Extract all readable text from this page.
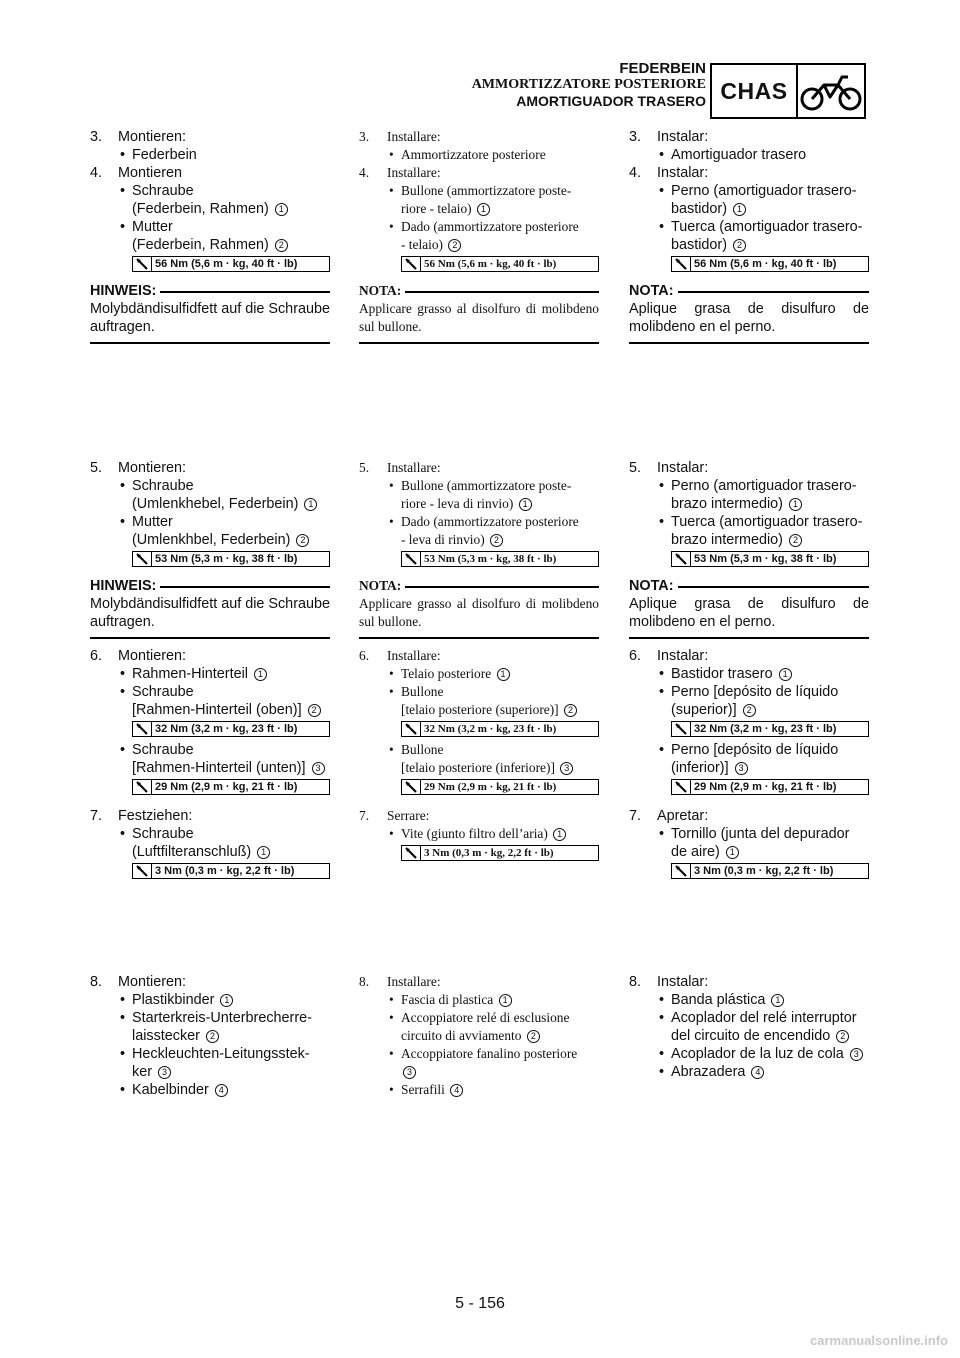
FEDERBEIN
AMMORTIZZATORE POSTERIORE
AMORTIGUADOR TRASERO CHAS
3.	Montieren:
• Federbein
4.	Montieren
• Schraube
(Federbein, Rahmen) 1
• Mutter
(Federbein, Rahmen) 2
56 Nm (5,6 m · kg, 40 ft · lb)
HINWEIS:
Molybdändisulfidfett auf die Schraube auftragen.
5.	Montieren:
• Schraube
(Umlenkhebel, Federbein) 1
• Mutter
(Umlenkhbel, Federbein) 2
53 Nm (5,3 m · kg, 38 ft · lb)
HINWEIS:
Molybdändisulfidfett auf die Schraube auftragen.
6.	Montieren:
• Rahmen-Hinterteil 1
• Schraube
[Rahmen-Hinterteil (oben)] 2
32 Nm (3,2 m · kg, 23 ft · lb)
• Schraube
[Rahmen-Hinterteil (unten)] 3
29 Nm (2,9 m · kg, 21 ft · lb)
7.	Festziehen:
• Schraube
(Luftfilteranschluß) 1
3 Nm (0,3 m · kg, 2,2 ft · lb)
8.	Montieren:
• Plastikbinder 1
• Starterkreis-Unterbrecherre-
laisstecker 2
• Heckleuchten-Leitungsstek-
ker 3
• Kabelbinder 4
3.	Installare:
• Ammortizzatore posteriore
4.	Installare:
• Bullone (ammortizzatore poste-
riore - telaio) 1
• Dado (ammortizzatore posteriore
- telaio) 2
56 Nm (5,6 m · kg, 40 ft · lb)
NOTA:
Applicare grasso al disolfuro di molibdeno sul bullone.
5.	Installare:
• Bullone (ammortizzatore poste-
riore - leva di rinvio) 1
• Dado (ammortizzatore posteriore
- leva di rinvio) 2
53 Nm (5,3 m · kg, 38 ft · lb)
NOTA:
Applicare grasso al disolfuro di molibdeno sul bullone.
6.	Installare:
• Telaio posteriore 1
• Bullone
[telaio posteriore (superiore)] 2
32 Nm (3,2 m · kg, 23 ft · lb)
• Bullone
[telaio posteriore (inferiore)] 3
29 Nm (2,9 m · kg, 21 ft · lb)
7.	Serrare:
• Vite (giunto filtro dell’aria) 1
3 Nm (0,3 m · kg, 2,2 ft · lb)
8.	Installare:
• Fascia di plastica 1
• Accoppiatore relé di esclusione
circuito di avviamento 2
• Accoppiatore fanalino posteriore
3
• Serrafili 4
3.	Instalar:
• Amortiguador trasero
4.	Instalar:
• Perno (amortiguador trasero-
bastidor) 1
• Tuerca (amortiguador trasero-
bastidor) 2
56 Nm (5,6 m · kg, 40 ft · lb)
NOTA:
Aplique grasa de disulfuro de molibdeno en el perno.
5.	Instalar:
• Perno (amortiguador trasero-
brazo intermedio) 1
• Tuerca (amortiguador trasero-
brazo intermedio) 2
53 Nm (5,3 m · kg, 38 ft · lb)
NOTA:
Aplique grasa de disulfuro de molibdeno en el perno.
6.	Instalar:
• Bastidor trasero 1
• Perno [depósito de líquido
(superior)] 2
32 Nm (3,2 m · kg, 23 ft · lb)
• Perno [depósito de líquido
(inferior)] 3
29 Nm (2,9 m · kg, 21 ft · lb)
7.	Apretar:
• Tornillo (junta del depurador
de aire) 1
3 Nm (0,3 m · kg, 2,2 ft · lb)
8.	Instalar:
• Banda plástica 1
• Acoplador del relé interruptor
del circuito de encendido 2
• Acoplador de la luz de cola 3
• Abrazadera 4
5 - 156
carmanualsonline.info
